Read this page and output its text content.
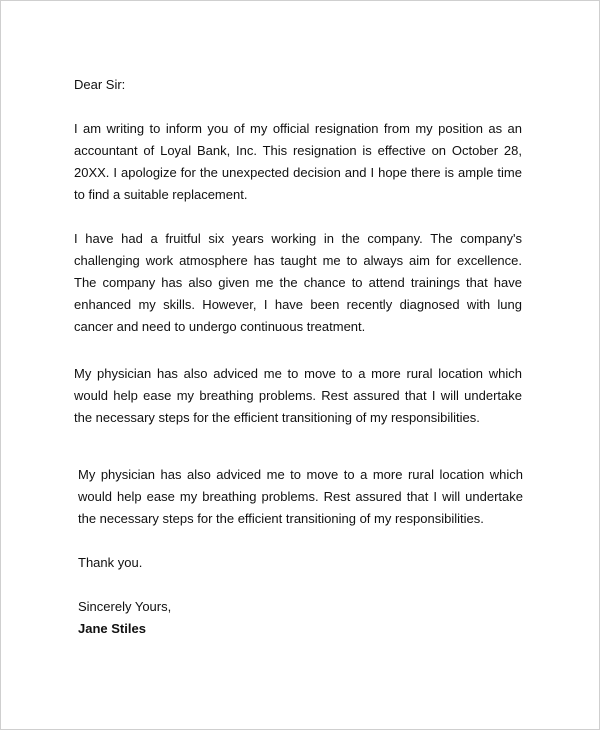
Dear Sir:

I am writing to inform you of my official resignation from my position as an accountant of Loyal Bank, Inc. This resignation is effective on October 28, 20XX. I apologize for the unexpected decision and I hope there is ample time to find a suitable replacement.

I have had a fruitful six years working in the company. The company's challenging work atmosphere has taught me to always aim for excellence. The company has also given me the chance to attend trainings that have enhanced my skills. However, I have been recently diagnosed with lung cancer and need to undergo continuous treatment.

My physician has also adviced me to move to a more rural location which would help ease my breathing problems. Rest assured that I will undertake the necessary steps for the efficient transitioning of my responsibilities.

My physician has also adviced me to move to a more rural location which would help ease my breathing problems. Rest assured that I will undertake the necessary steps for the efficient transitioning of my responsibilities.

Thank you.

Sincerely Yours,

Jane Stiles
